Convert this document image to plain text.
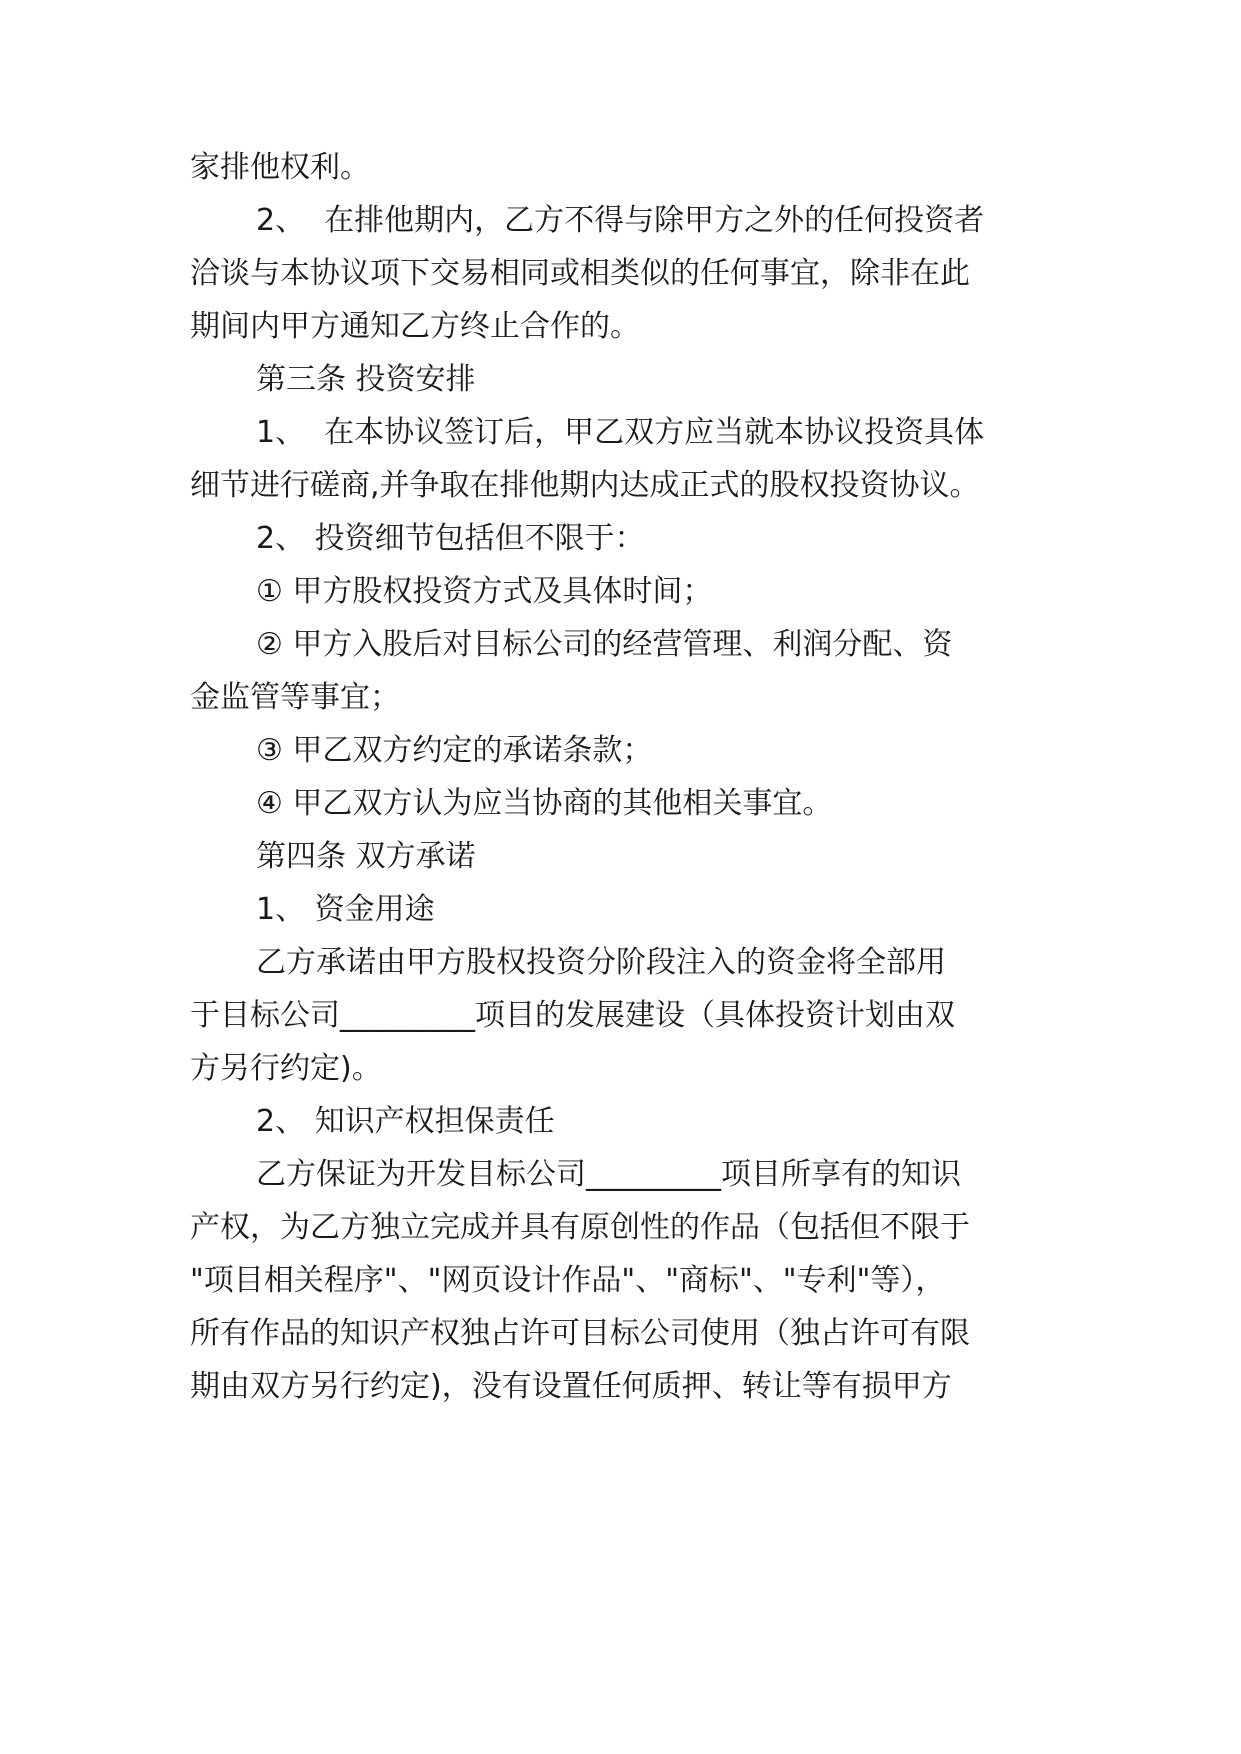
家排他权利。
2、  在排他期内，乙方不得与除甲方之外的任何投资者
洽谈与本协议项下交易相同或相类似的任何事宜，除非在此
期间内甲方通知乙方终止合作的。
第三条 投资安排
1、  在本协议签订后，甲乙双方应当就本协议投资具体
细节进行磋商,并争取在排他期内达成正式的股权投资协议。
2、 投资细节包括但不限于：
① 甲方股权投资方式及具体时间；
② 甲方入股后对目标公司的经营管理、利润分配、资
金监管等事宜；
③ 甲乙双方约定的承诺条款；
④ 甲乙双方认为应当协商的其他相关事宜。
第四条 双方承诺
1、 资金用途
乙方承诺由甲方股权投资分阶段注入的资金将全部用
于目标公司_________项目的发展建设（具体投资计划由双
方另行约定)。
2、 知识产权担保责任
乙方保证为开发目标公司_________项目所享有的知识
产权，为乙方独立完成并具有原创性的作品（包括但不限于
"项目相关程序"、"网页设计作品"、"商标"、"专利"等），
所有作品的知识产权独占许可目标公司使用（独占许可有限
期由双方另行约定)，没有设置任何质押、转让等有损甲方
